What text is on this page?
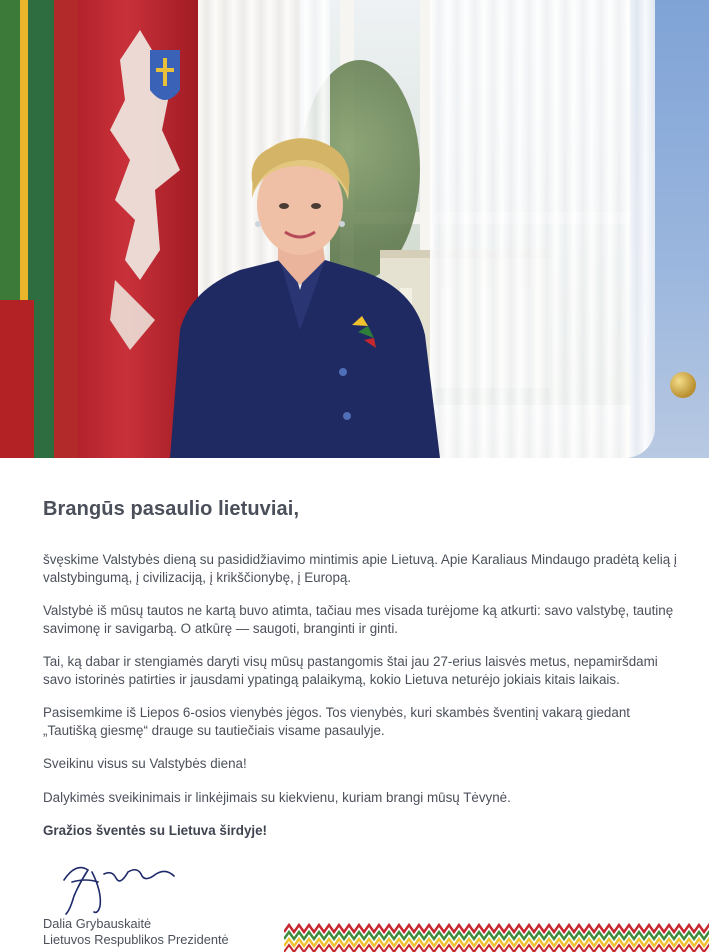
Brangūs pasaulio lietuviai,

švęskime Valstybės dieną su pasididžiavimo mintimis apie Lietuvą. Apie Karaliaus Mindaugo pradėtą kelią į valstybingumą, į civilizaciją, į krikščionybę, į Europą.

Valstybė iš mūsų tautos ne kartą buvo atimta, tačiau mes visada turėjome ką atkurti: savo valstybę, tautinę savimonę ir savigarbą. O atkūrę — saugoti, branginti ir ginti.

Tai, ką dabar ir stengiamės daryti visų mūsų pastangomis štai jau 27-erius laisvės metus, nepamiršdami savo istorinės patirties ir jausdami ypatingą palaikymą, kokio Lietuva neturėjo jokiais kitais laikais.

Pasisemkime iš Liepos 6-osios vienybės jėgos. Tos vienybės, kuri skambės šventinį vakarą giedant „Tautišką giesmę“ drauge su tautiečiais visame pasaulyje.

Sveikinu visus su Valstybės diena!

Dalykimės sveikinimais ir linkėjimais su kiekvienu, kuriam brangi mūsų Tėvynė.

Gražios šventės su Lietuva širdyje!

Dalia Grybauskaitė
Lietuvos Respublikos Prezidentė
